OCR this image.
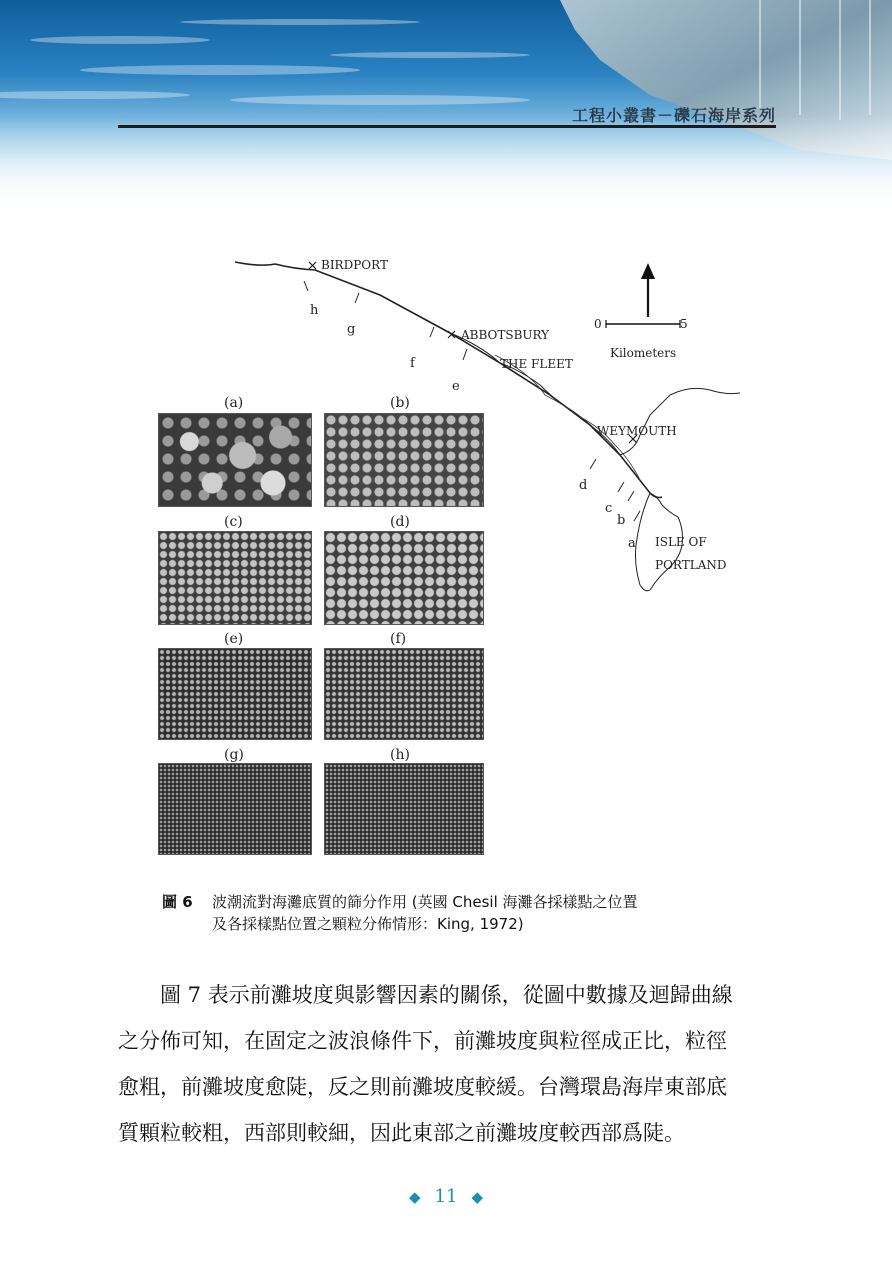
工程小叢書－礫石海岸系列
BIRDPORT
ABBOTSBURY
THE FLEET
WEYMOUTH
ISLE OF
PORTLAND
0	5
Kilometers
h
g
f
e
d
c
b
a
(a)	(b)
(c)	(d)
(e)	(f)
(g)	(h)
圖 6 波潮流對海灘底質的篩分作用 (英國 Chesil 海灘各採樣點之位置
及各採樣點位置之顆粒分佈情形：King, 1972)
　　圖 7 表示前灘坡度與影響因素的關係，從圖中數據及迴歸曲線
之分佈可知，在固定之波浪條件下，前灘坡度與粒徑成正比，粒徑
愈粗，前灘坡度愈陡，反之則前灘坡度較緩。台灣環島海岸東部底
質顆粒較粗，西部則較細，因此東部之前灘坡度較西部爲陡。
◆ 11 ◆
